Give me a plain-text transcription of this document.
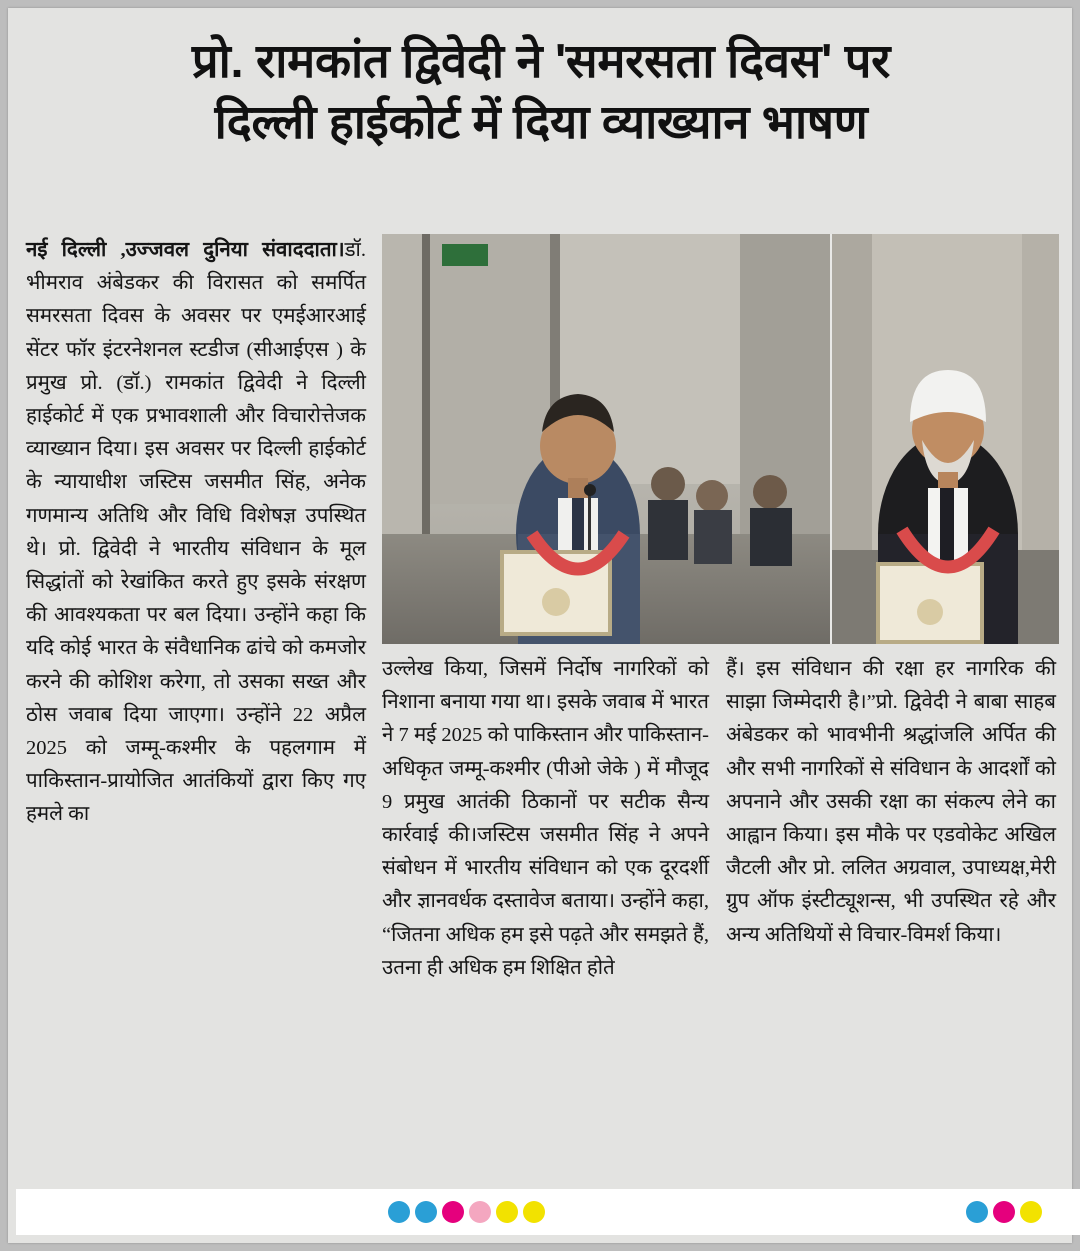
प्रो. रामकांत द्विवेदी ने 'समरसता दिवस' पर
दिल्ली हाईकोर्ट में दिया व्याख्यान भाषण

नई दिल्ली ,उज्जवल दुनिया संवाददाता।डॉ. भीमराव अंबेडकर की विरासत को समर्पित समरसता दिवस के अवसर पर एमईआरआई सेंटर फॉर इंटरनेशनल स्टडीज (सीआईएस ) के प्रमुख प्रो. (डॉ.) रामकांत द्विवेदी ने दिल्ली हाईकोर्ट में एक प्रभावशाली और विचारोत्तेजक व्याख्यान दिया। इस अवसर पर दिल्ली हाईकोर्ट के न्यायाधीश जस्टिस जसमीत सिंह, अनेक गणमान्य अतिथि और विधि विशेषज्ञ उपस्थित थे। प्रो. द्विवेदी ने भारतीय संविधान के मूल सिद्धांतों को रेखांकित करते हुए इसके संरक्षण की आवश्यकता पर बल दिया। उन्होंने कहा कि यदि कोई भारत के संवैधानिक ढांचे को कमजोर करने की कोशिश करेगा, तो उसका सख्त और ठोस जवाब दिया जाएगा। उन्होंने 22 अप्रैल 2025 को जम्मू-कश्मीर के पहलगाम में पाकिस्तान-प्रायोजित आतंकियों द्वारा किए गए हमले का

उल्लेख किया, जिसमें निर्दोष नागरिकों को निशाना बनाया गया था। इसके जवाब में भारत ने 7 मई 2025 को पाकिस्तान और पाकिस्तान-अधिकृत जम्मू-कश्मीर (पीओ जेके ) में मौजूद 9 प्रमुख आतंकी ठिकानों पर सटीक सैन्य कार्रवाई की।जस्टिस जसमीत सिंह ने अपने संबोधन में भारतीय संविधान को एक दूरदर्शी और ज्ञानवर्धक दस्तावेज बताया। उन्होंने कहा, “जितना अधिक हम इसे पढ़ते और समझते हैं, उतना ही अधिक हम शिक्षित होते

हैं। इस संविधान की रक्षा हर नागरिक की साझा जिम्मेदारी है।”प्रो. द्विवेदी ने बाबा साहब अंबेडकर को भावभीनी श्रद्धांजलि अर्पित की और सभी नागरिकों से संविधान के आदर्शों को अपनाने और उसकी रक्षा का संकल्प लेने का आह्वान किया। इस मौके पर एडवोकेट अखिल जैटली और प्रो. ललित अग्रवाल, उपाध्यक्ष,मेरी ग्रुप ऑफ इंस्टीट्यूशन्स, भी उपस्थित रहे और अन्य अतिथियों से विचार-विमर्श किया।
